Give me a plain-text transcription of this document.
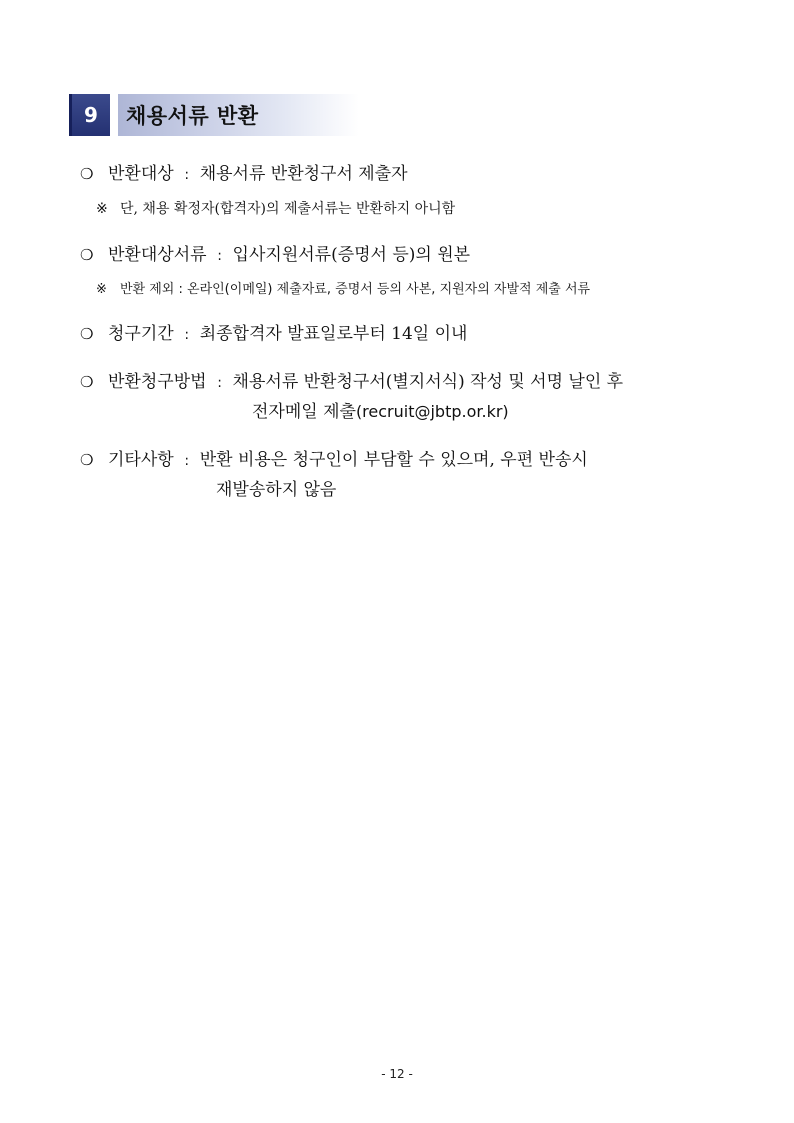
9	채용서류 반환
❍ 반환대상 : 채용서류 반환청구서 제출자
※ 단, 채용 확정자(합격자)의 제출서류는 반환하지 아니함
❍ 반환대상서류 : 입사지원서류(증명서 등)의 원본
※ 반환 제외 : 온라인(이메일) 제출자료, 증명서 등의 사본, 지원자의 자발적 제출 서류
❍ 청구기간 : 최종합격자 발표일로부터 14일 이내
❍ 반환청구방법 : 채용서류 반환청구서(별지서식) 작성 및 서명 날인 후
전자메일 제출(recruit@jbtp.or.kr)
❍ 기타사항 : 반환 비용은 청구인이 부담할 수 있으며, 우편 반송시
재발송하지 않음
- 12 -
